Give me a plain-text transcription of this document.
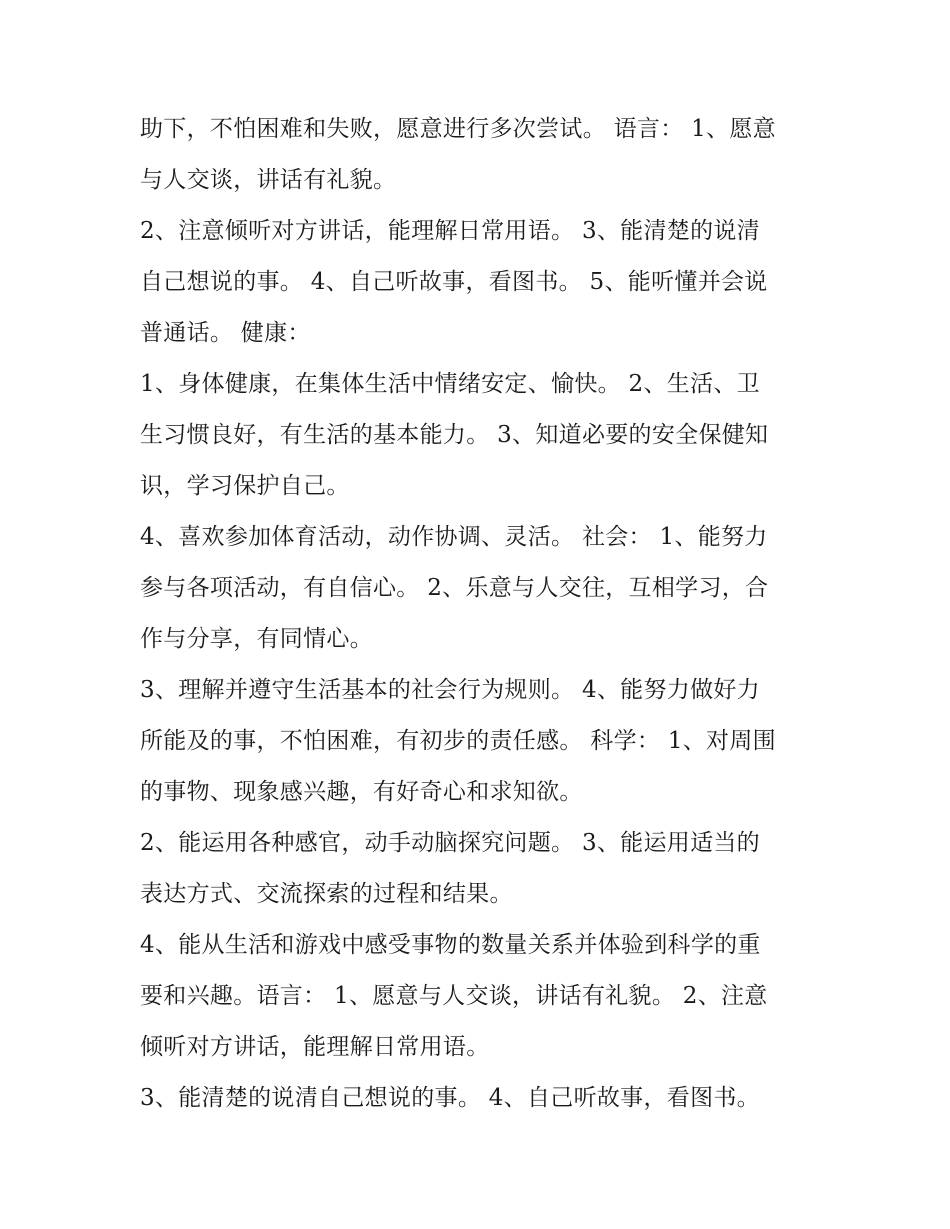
助下，不怕困难和失败，愿意进行多次尝试。 语言： 1、愿意
与人交谈，讲话有礼貌。
2、注意倾听对方讲话，能理解日常用语。 3、能清楚的说清
自己想说的事。 4、自己听故事，看图书。 5、能听懂并会说
普通话。 健康：
1、身体健康，在集体生活中情绪安定、愉快。 2、生活、卫
生习惯良好，有生活的基本能力。 3、知道必要的安全保健知
识，学习保护自己。
4、喜欢参加体育活动，动作协调、灵活。 社会： 1、能努力
参与各项活动，有自信心。 2、乐意与人交往，互相学习，合
作与分享，有同情心。
3、理解并遵守生活基本的社会行为规则。 4、能努力做好力
所能及的事，不怕困难，有初步的责任感。 科学： 1、对周围
的事物、现象感兴趣，有好奇心和求知欲。
2、能运用各种感官，动手动脑探究问题。 3、能运用适当的
表达方式、交流探索的过程和结果。
4、能从生活和游戏中感受事物的数量关系并体验到科学的重
要和兴趣。语言： 1、愿意与人交谈，讲话有礼貌。 2、注意
倾听对方讲话，能理解日常用语。
3、能清楚的说清自己想说的事。 4、自己听故事，看图书。
